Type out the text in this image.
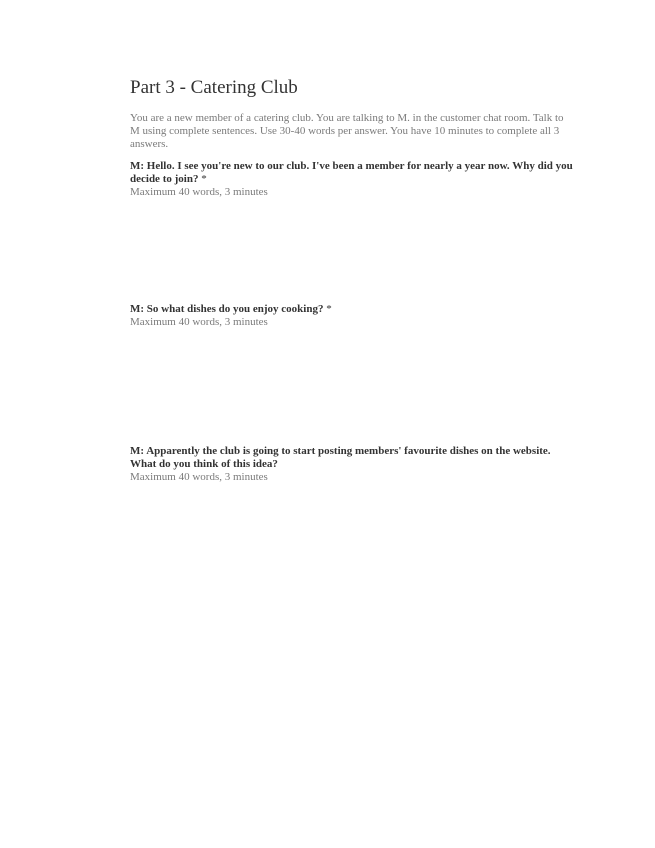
Part 3 - Catering Club

You are a new member of a catering club. You are talking to M. in the customer chat room. Talk to M using complete sentences. Use 30-40 words per answer. You have 10 minutes to complete all 3 answers.

M: Hello. I see you're new to our club. I've been a member for nearly a year now. Why did you decide to join? *

Maximum 40 words, 3 minutes

M: So what dishes do you enjoy cooking? *

Maximum 40 words, 3 minutes

M: Apparently the club is going to start posting members' favourite dishes on the website. What do you think of this idea?

Maximum 40 words, 3 minutes
